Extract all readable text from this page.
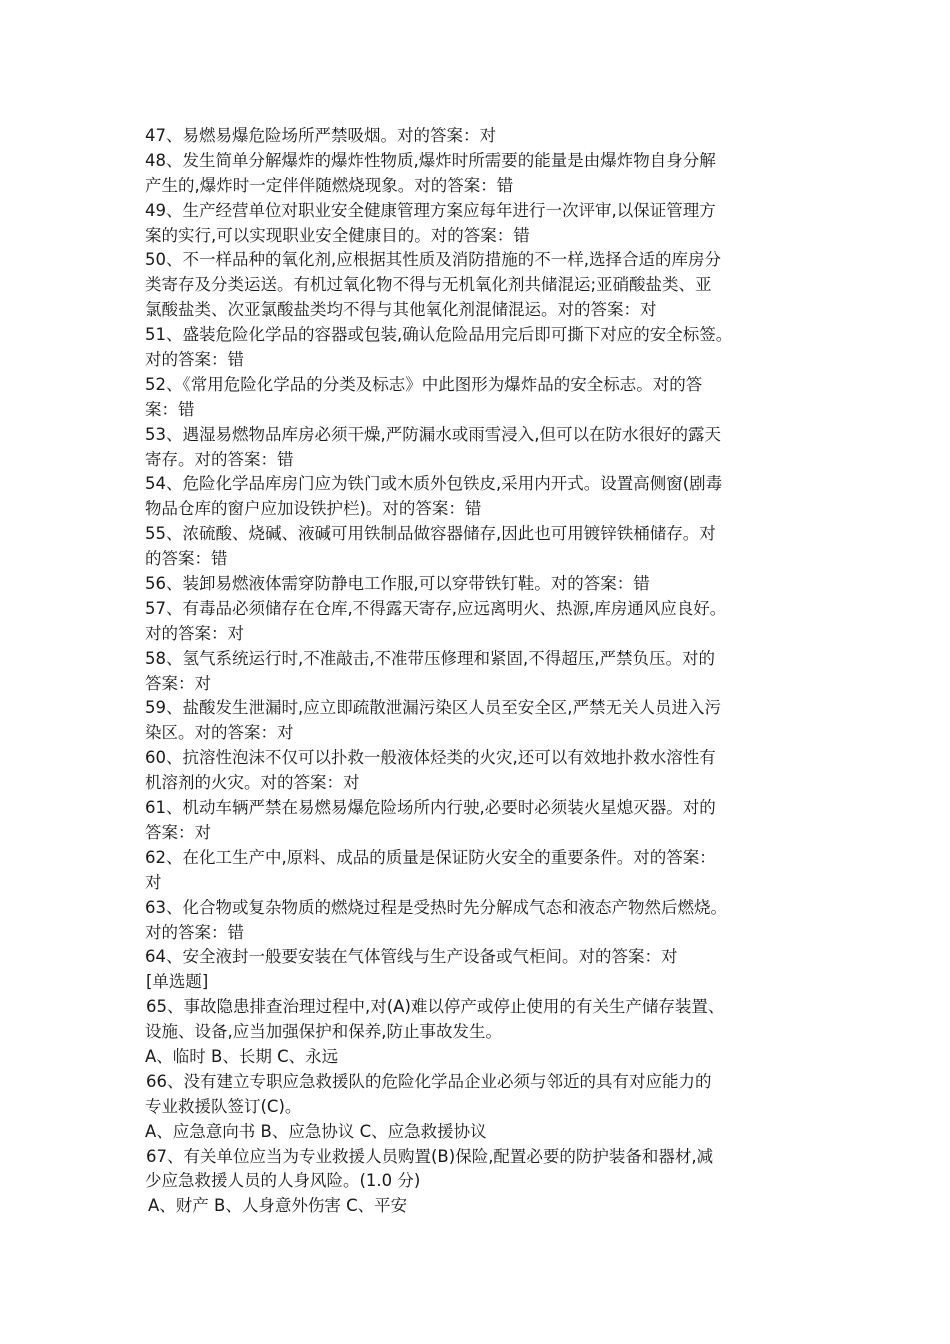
47、易燃易爆危险场所严禁吸烟。对的答案：对
48、发生简单分解爆炸的爆炸性物质,爆炸时所需要的能量是由爆炸物自身分解
产生的,爆炸时一定伴伴随燃烧现象。对的答案：错
49、生产经营单位对职业安全健康管理方案应每年进行一次评审,以保证管理方
案的实行,可以实现职业安全健康目的。对的答案：错
50、不一样品种的氧化剂,应根据其性质及消防措施的不一样,选择合适的库房分
类寄存及分类运送。有机过氧化物不得与无机氧化剂共储混运;亚硝酸盐类、亚
氯酸盐类、次亚氯酸盐类均不得与其他氧化剂混储混运。对的答案：对
51、盛装危险化学品的容器或包装,确认危险品用完后即可撕下对应的安全标签。
对的答案：错
52、《常用危险化学品的分类及标志》中此图形为爆炸品的安全标志。对的答
案：错
53、遇湿易燃物品库房必须干燥,严防漏水或雨雪浸入,但可以在防水很好的露天
寄存。对的答案：错
54、危险化学品库房门应为铁门或木质外包铁皮,采用内开式。设置高侧窗(剧毒
物品仓库的窗户应加设铁护栏)。对的答案：错
55、浓硫酸、烧碱、液碱可用铁制品做容器储存,因此也可用镀锌铁桶储存。对
的答案：错
56、装卸易燃液体需穿防静电工作服,可以穿带铁钉鞋。对的答案：错
57、有毒品必须储存在仓库,不得露天寄存,应远离明火、热源,库房通风应良好。
对的答案：对
58、氢气系统运行时,不准敲击,不准带压修理和紧固,不得超压,严禁负压。对的
答案：对
59、盐酸发生泄漏时,应立即疏散泄漏污染区人员至安全区,严禁无关人员进入污
染区。对的答案：对
60、抗溶性泡沫不仅可以扑救一般液体烃类的火灾,还可以有效地扑救水溶性有
机溶剂的火灾。对的答案：对
61、机动车辆严禁在易燃易爆危险场所内行驶,必要时必须装火星熄灭器。对的
答案：对
62、在化工生产中,原料、成品的质量是保证防火安全的重要条件。对的答案：
对
63、化合物或复杂物质的燃烧过程是受热时先分解成气态和液态产物然后燃烧。
对的答案：错
64、安全液封一般要安装在气体管线与生产设备或气柜间。对的答案：对
[单选题]
65、事故隐患排查治理过程中,对(A)难以停产或停止使用的有关生产储存装置、
设施、设备,应当加强保护和保养,防止事故发生。
A、临时 B、长期 C、永远
66、没有建立专职应急救援队的危险化学品企业必须与邻近的具有对应能力的
专业救援队签订(C)。
A、应急意向书 B、应急协议 C、应急救援协议
67、有关单位应当为专业救援人员购置(B)保险,配置必要的防护装备和器材,减
少应急救援人员的人身风险。(1.0 分)
A、财产 B、人身意外伤害 C、平安
